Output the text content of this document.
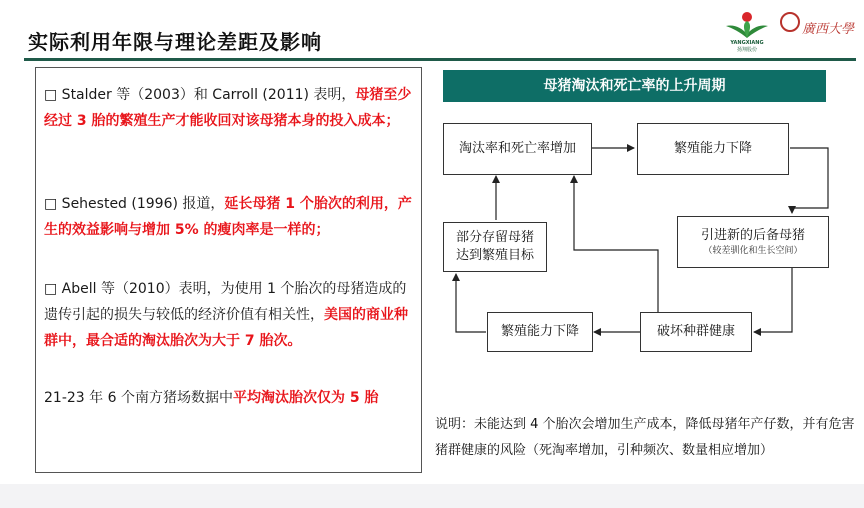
实际利用年限与理论差距及影响	YANGXIANG
扬翔股份
廣西大學
□ Stalder 等（2003）和 Carroll (2011) 表明，母猪至少经过 3 胎的繁殖生产才能收回对该母猪本身的投入成本；
□ Sehested (1996) 报道，延长母猪 1 个胎次的利用，产生的效益影响与增加 5% 的瘦肉率是一样的；
□ Abell 等（2010）表明，为使用 1 个胎次的母猪造成的遗传引起的损失与较低的经济价值有相关性，美国的商业种群中，最合适的淘汰胎次为大于 7 胎次。
21-23 年 6 个南方猪场数据中平均淘汰胎次仅为 5 胎
母猪淘汰和死亡率的上升周期
淘汰率和死亡率增加	繁殖能力下降
引进新的后备母猪
（较差驯化和生长空间）
破坏种群健康
繁殖能力下降
部分存留母猪达到繁殖目标
说明：未能达到 4 个胎次会增加生产成本，降低母猪年产仔数，并有危害猪群健康的风险（死淘率增加，引种频次、数量相应增加）
